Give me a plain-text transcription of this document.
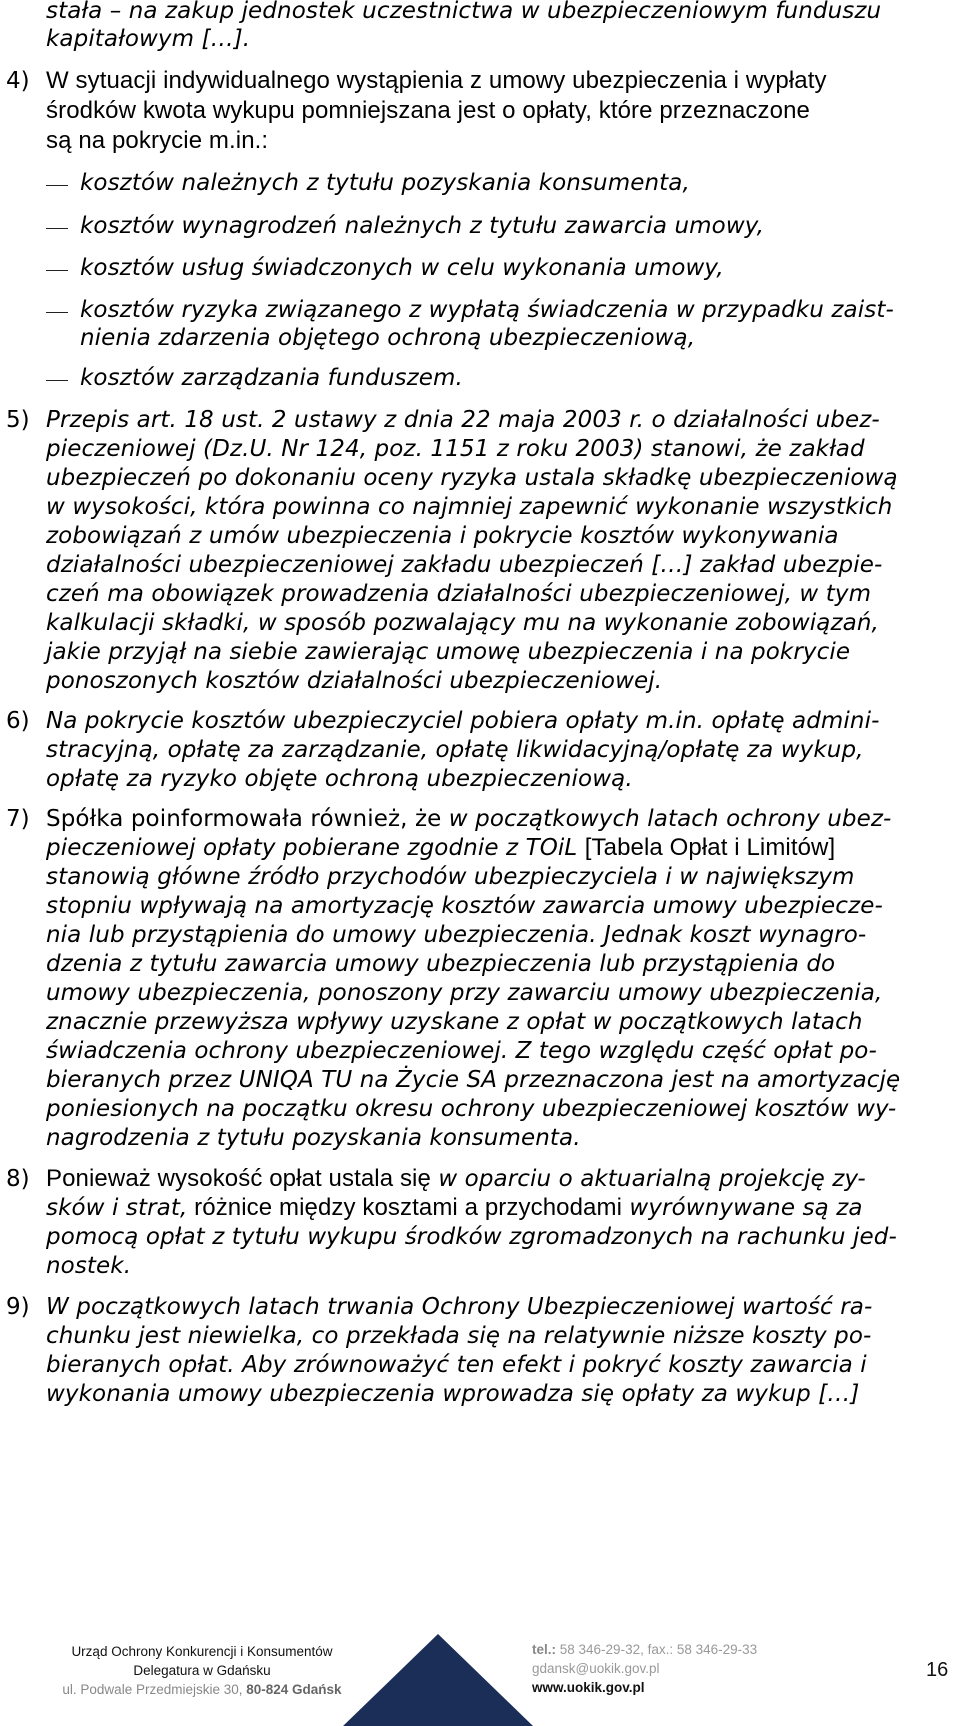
stała – na zakup jednostek uczestnictwa w ubezpieczeniowym funduszu
kapitałowym […].
4) W sytuacji indywidualnego wystąpienia z umowy ubezpieczenia i wypłaty
środków kwota wykupu pomniejszana jest o opłaty, które przeznaczone
są na pokrycie m.in.:
kosztów należnych z tytułu pozyskania konsumenta,
kosztów wynagrodzeń należnych z tytułu zawarcia umowy,
kosztów usług świadczonych w celu wykonania umowy,
kosztów ryzyka związanego z wypłatą świadczenia w przypadku zaist-
nienia zdarzenia objętego ochroną ubezpieczeniową,
kosztów zarządzania funduszem.
5) Przepis art. 18 ust. 2 ustawy z dnia 22 maja 2003 r. o działalności ubez-
pieczeniowej (Dz.U. Nr 124, poz. 1151 z roku 2003) stanowi, że zakład
ubezpieczeń po dokonaniu oceny ryzyka ustala składkę ubezpieczeniową
w wysokości, która powinna co najmniej zapewnić wykonanie wszystkich
zobowiązań z umów ubezpieczenia i pokrycie kosztów wykonywania
działalności ubezpieczeniowej zakładu ubezpieczeń […] zakład ubezpie-
czeń ma obowiązek prowadzenia działalności ubezpieczeniowej, w tym
kalkulacji składki, w sposób pozwalający mu na wykonanie zobowiązań,
jakie przyjął na siebie zawierając umowę ubezpieczenia i na pokrycie
ponoszonych kosztów działalności ubezpieczeniowej.
6) Na pokrycie kosztów ubezpieczyciel pobiera opłaty m.in. opłatę admini-
stracyjną, opłatę za zarządzanie, opłatę likwidacyjną/opłatę za wykup,
opłatę za ryzyko objęte ochroną ubezpieczeniową.
7) Spółka poinformowała również, że w początkowych latach ochrony ubez-
pieczeniowej opłaty pobierane zgodnie z TOiL [Tabela Opłat i Limitów]
stanowią główne źródło przychodów ubezpieczyciela i w największym
stopniu wpływają na amortyzację kosztów zawarcia umowy ubezpiecze-
nia lub przystąpienia do umowy ubezpieczenia. Jednak koszt wynagro-
dzenia z tytułu zawarcia umowy ubezpieczenia lub przystąpienia do
umowy ubezpieczenia, ponoszony przy zawarciu umowy ubezpieczenia,
znacznie przewyższa wpływy uzyskane z opłat w początkowych latach
świadczenia ochrony ubezpieczeniowej. Z tego względu część opłat po-
bieranych przez UNIQA TU na Życie SA przeznaczona jest na amortyzację
poniesionych na początku okresu ochrony ubezpieczeniowej kosztów wy-
nagrodzenia z tytułu pozyskania konsumenta.
8) Ponieważ wysokość opłat ustala się w oparciu o aktuarialną projekcję zy-
sków i strat, różnice między kosztami a przychodami wyrównywane są za
pomocą opłat z tytułu wykupu środków zgromadzonych na rachunku jed-
nostek.
9) W początkowych latach trwania Ochrony Ubezpieczeniowej wartość ra-
chunku jest niewielka, co przekłada się na relatywnie niższe koszty po-
bieranych opłat. Aby zrównoważyć ten efekt i pokryć koszty zawarcia i
wykonania umowy ubezpieczenia wprowadza się opłaty za wykup […]
Urząd Ochrony Konkurencji i Konsumentów
Delegatura w Gdańsku
ul. Podwale Przedmiejskie 30, 80-824 Gdańsk
tel.: 58 346-29-32, fax.: 58 346-29-33
gdansk@uokik.gov.pl
www.uokik.gov.pl
16
